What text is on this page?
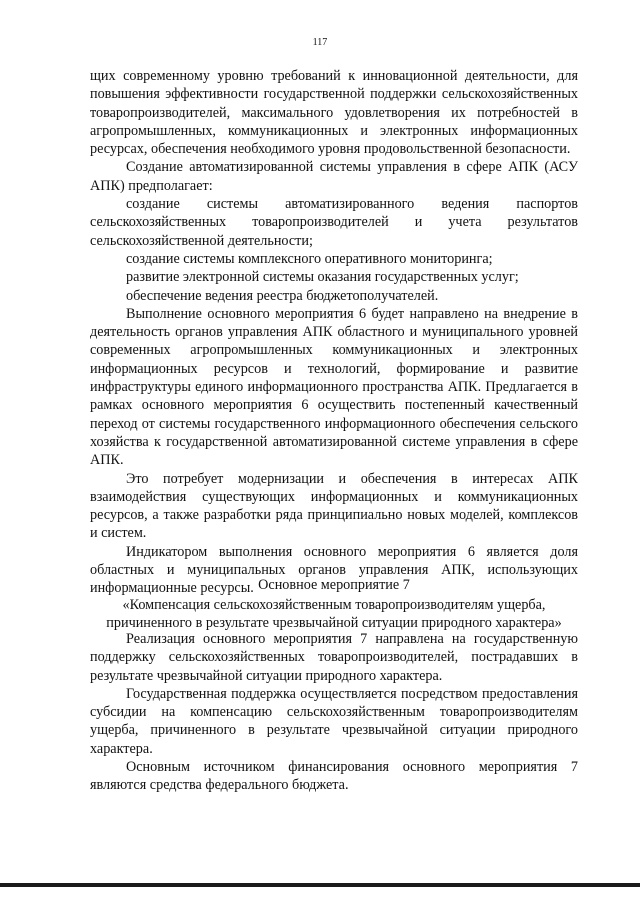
117

щих современному уровню требований к инновационной деятельности, для повышения эффективности государственной поддержки сельскохозяйственных товаропроизводителей, максимального удовлетворения их потребностей в агропромышленных, коммуникационных и электронных информационных ресурсах, обеспечения необходимого уровня продовольственной безопасности.

Создание автоматизированной системы управления в сфере АПК (АСУ АПК) предполагает:

создание системы автоматизированного ведения паспортов сельскохозяйственных товаропроизводителей и учета результатов сельскохозяйственной деятельности;

создание системы комплексного оперативного мониторинга;

развитие электронной системы оказания государственных услуг;

обеспечение ведения реестра бюджетополучателей.

Выполнение основного мероприятия 6 будет направлено на внедрение в деятельность органов управления АПК областного и муниципального уровней современных агропромышленных коммуникационных и электронных информационных ресурсов и технологий, формирование и развитие инфраструктуры единого информационного пространства АПК. Предлагается в рамках основного мероприятия 6 осуществить постепенный качественный переход от системы государственного информационного обеспечения сельского хозяйства к государственной автоматизированной системе управления в сфере АПК.

Это потребует модернизации и обеспечения в интересах АПК взаимодействия существующих информационных и коммуникационных ресурсов, а также разработки ряда принципиально новых моделей, комплексов и систем.

Индикатором выполнения основного мероприятия 6 является доля областных и муниципальных органов управления АПК, использующих информационные ресурсы. Основное мероприятие 7
«Компенсация сельскохозяйственным товаропроизводителям ущерба, причиненного в результате чрезвычайной ситуации природного характера»

Реализация основного мероприятия 7 направлена на государственную поддержку сельскохозяйственных товаропроизводителей, пострадавших в результате чрезвычайной ситуации природного характера.

Государственная поддержка осуществляется посредством предоставления субсидии на компенсацию сельскохозяйственным товаропроизводителям ущерба, причиненного в результате чрезвычайной ситуации природного характера.

Основным источником финансирования основного мероприятия 7 являются средства федерального бюджета.
